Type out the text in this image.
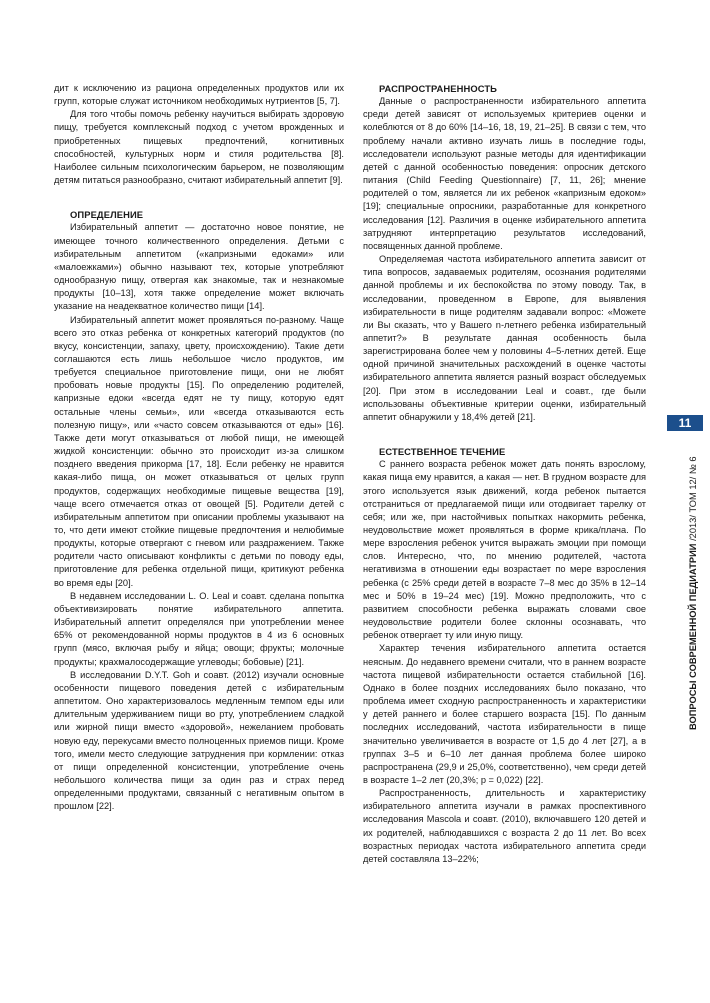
дит к исключению из рациона определенных продуктов или их групп, которые служат источником необходимых нутриентов [5, 7].

Для того чтобы помочь ребенку научиться выбирать здоровую пищу, требуется комплексный подход с учетом врожденных и приобретенных пищевых предпочтений, когнитивных способностей, культурных норм и стиля родительства [8]. Наиболее сильным психологическим барьером, не позволяющим детям питаться разнообразно, считают избирательный аппетит [9].

ОПРЕДЕЛЕНИЕ

Избирательный аппетит — достаточно новое понятие, не имеющее точного количественного определения. Детьми с избирательным аппетитом («капризными едоками» или «малоежками») обычно называют тех, которые употребляют однообразную пищу, отвергая как знакомые, так и незнакомые продукты [10–13], хотя также определение может включать указание на неадекватное количество пищи [14].

Избирательный аппетит может проявляться по-разному. Чаще всего это отказ ребенка от конкретных категорий продуктов (по вкусу, консистенции, запаху, цвету, происхождению). Такие дети соглашаются есть лишь небольшое число продуктов, им требуется специальное приготовление пищи, они не любят пробовать новые продукты [15]. По определению родителей, капризные едоки «всегда едят не ту пищу, которую едят остальные члены семьи», или «всегда отказываются есть полезную пищу», или «часто совсем отказываются от еды» [16]. Также дети могут отказываться от любой пищи, не имеющей жидкой консистенции: обычно это происходит из-за слишком позднего введения прикорма [17, 18]. Если ребенку не нравится какая-либо пища, он может отказываться от целых групп продуктов, содержащих необходимые пищевые вещества [19], чаще всего отмечается отказ от овощей [5]. Родители детей с избирательным аппетитом при описании проблемы указывают на то, что дети имеют стойкие пищевые предпочтения и нелюбимые продукты, которые отвергают с гневом или раздражением. Также родители часто описывают конфликты с детьми по поводу еды, приготовление для ребенка отдельной пищи, критикуют ребенка во время еды [20].

В недавнем исследовании L. O. Leal и соавт. сделана попытка объективизировать понятие избирательного аппетита. Избирательный аппетит определялся при употреблении менее 65% от рекомендованной нормы продуктов в 4 из 6 основных групп (мясо, включая рыбу и яйца; овощи; фрукты; молочные продукты; крахмалосодержащие углеводы; бобовые) [21].

В исследовании D.Y.T. Goh и соавт. (2012) изучали основные особенности пищевого поведения детей с избирательным аппетитом. Оно характеризовалось медленным темпом еды или длительным удерживанием пищи во рту, употреблением сладкой или жирной пищи вместо «здоровой», нежеланием пробовать новую еду, перекусами вместо полноценных приемов пищи. Кроме того, имели место следующие затруднения при кормлении: отказ от пищи определенной консистенции, употребление очень небольшого количества пищи за один раз и страх перед определенными продуктами, связанный с негативным опытом в прошлом [22].

РАСПРОСТРАНЕННОСТЬ

Данные о распространенности избирательного аппетита среди детей зависят от используемых критериев оценки и колеблются от 8 до 60% [14–16, 18, 19, 21–25]. В связи с тем, что проблему начали активно изучать лишь в последние годы, исследователи используют разные методы для идентификации детей с данной особенностью поведения: опросник детского питания (Child Feeding Questionnaire) [7, 11, 26]; мнение родителей о том, является ли их ребенок «капризным едоком» [19]; специальные опросники, разработанные для конкретного исследования [12]. Различия в оценке избирательного аппетита затрудняют интерпретацию результатов исследований, посвященных данной проблеме.

Определяемая частота избирательного аппетита зависит от типа вопросов, задаваемых родителям, осознания родителями данной проблемы и их беспокойства по этому поводу. Так, в исследовании, проведенном в Европе, для выявления избирательности в пище родителям задавали вопрос: «Можете ли Вы сказать, что у Вашего n-летнего ребенка избирательный аппетит?» В результате данная особенность была зарегистрирована более чем у половины 4–5-летних детей. Еще одной причиной значительных расхождений в оценке частоты избирательного аппетита является разный возраст обследуемых [20]. При этом в исследовании Leal и соавт., где были использованы объективные критерии оценки, избирательный аппетит обнаружили у 18,4% детей [21].

ЕСТЕСТВЕННОЕ ТЕЧЕНИЕ

С раннего возраста ребенок может дать понять взрослому, какая пища ему нравится, а какая — нет. В грудном возрасте для этого используется язык движений, когда ребенок пытается отстраниться от предлагаемой пищи или отодвигает тарелку от себя; или же, при настойчивых попытках накормить ребенка, неудовольствие может проявляться в форме крика/плача. По мере взросления ребенок учится выражать эмоции при помощи слов. Интересно, что, по мнению родителей, частота негативизма в отношении еды возрастает по мере взросления ребенка (с 25% среди детей в возрасте 7–8 мес до 35% в 12–14 мес и 50% в 19–24 мес) [19]. Можно предположить, что с развитием способности ребенка выражать словами свое неудовольствие родители более склонны осознавать, что ребенок отвергает ту или иную пищу.

Характер течения избирательного аппетита остается неясным. До недавнего времени считали, что в раннем возрасте частота пищевой избирательности остается стабильной [16]. Однако в более поздних исследованиях было показано, что проблема имеет сходную распространенность и характеристики у детей раннего и более старшего возраста [15]. По данным последних исследований, частота избирательности в пище значительно увеличивается в возрасте от 1,5 до 4 лет [27], а в группах 3–5 и 6–10 лет данная проблема более широко распространена (29,9 и 25,0%, соответственно), чем среди детей в возрасте 1–2 лет (20,3%; p = 0,022) [22].

Распространенность, длительность и характеристику избирательного аппетита изучали в рамках проспективного исследования Mascola и соавт. (2010), включавшего 120 детей и их родителей, наблюдавшихся с возраста 2 до 11 лет. Во всех возрастных периодах частота избирательного аппетита среди детей составляла 13–22%;

11
ВОПРОСЫ СОВРЕМЕННОЙ ПЕДИАТРИИ /2013/ ТОМ 12/ № 6
